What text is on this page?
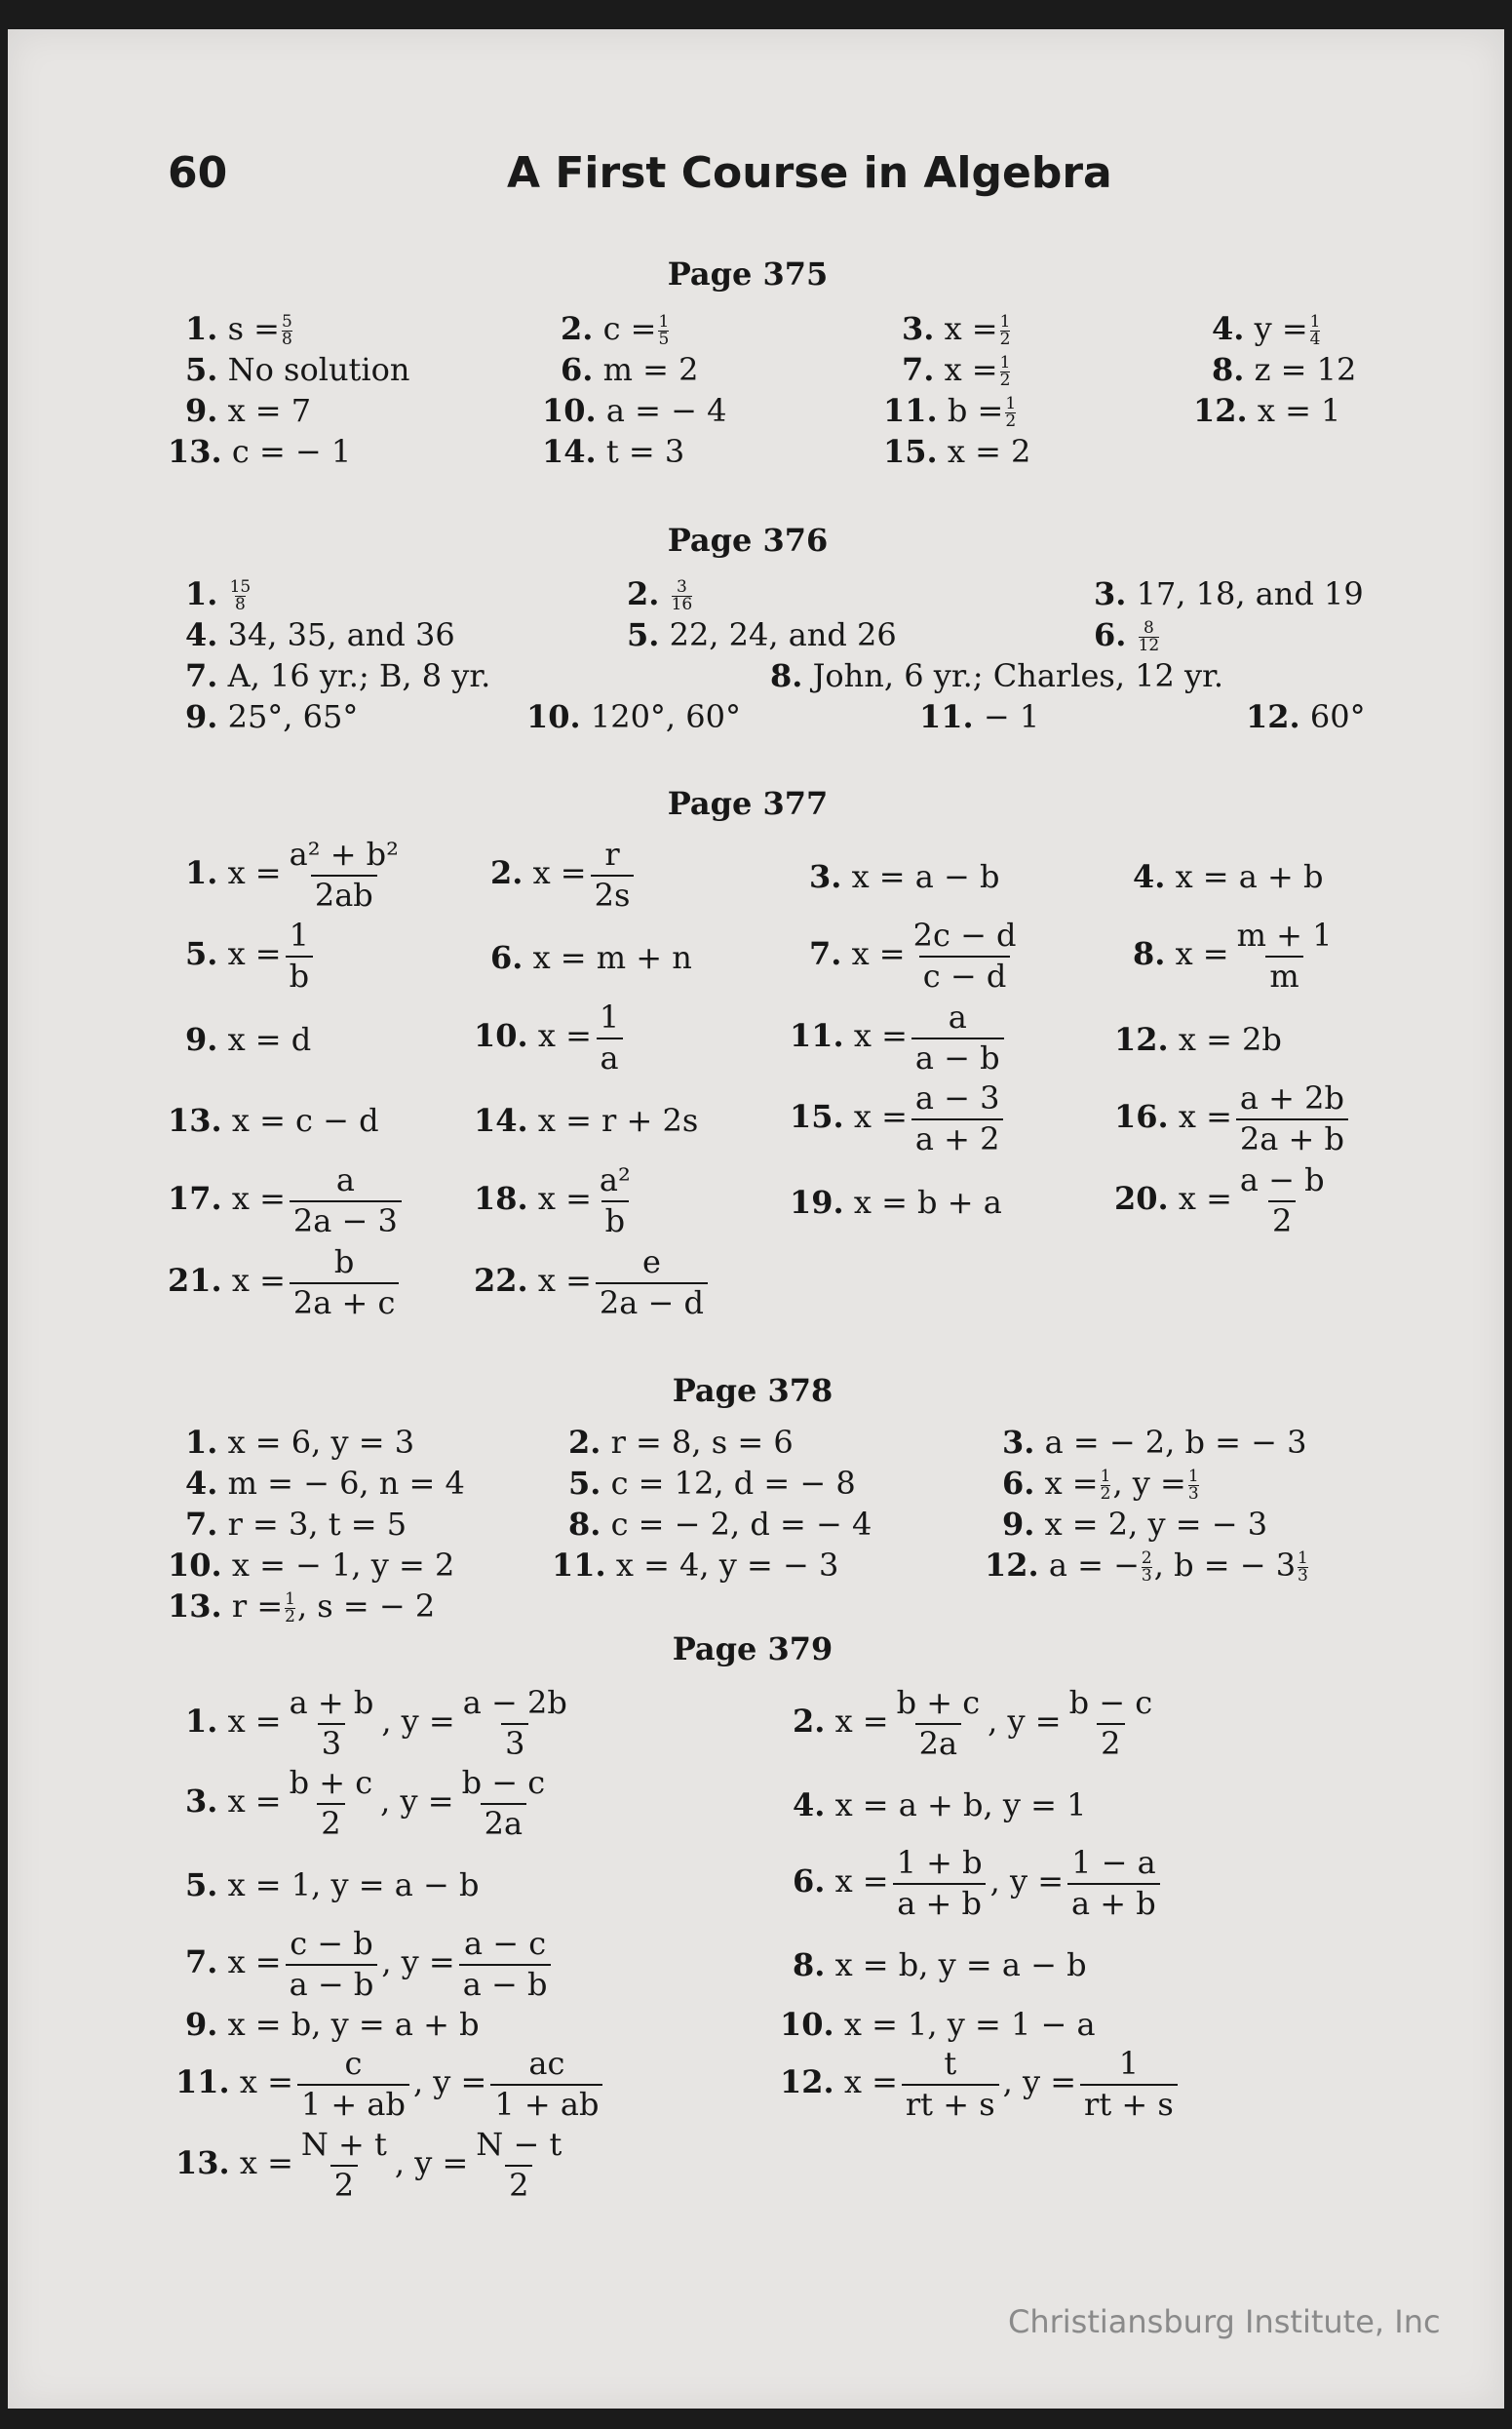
60	A First Course in Algebra
Page 375
1. $s = \frac{5}{8}$	2. $c = \frac{1}{5}$	3. $x = \frac{1}{2}$	4. $y = \frac{1}{4}$
5. No solution	6. m = 2	7. $x = \frac{1}{2}$	8. z = 12
9. x = 7	10. a = − 4	11. $b = \frac{1}{2}$	12. x = 1
13. c = − 1	14. t = 3	15. x = 2
Page 376
1. $\frac{15}{8}$	2. $\frac{3}{16}$	3. 17, 18, and 19
4. 34, 35, and 36	5. 22, 24, and 26	6. $\frac{8}{12}$
7. A, 16 yr.; B, 8 yr.	8. John, 6 yr.; Charles, 12 yr.
9. 25°, 65°	10. 120°, 60°	11. − 1	12. 60°
Page 377
1. $x = \frac{\text{a² + b²}}{2ab}$	2. $x = \frac{r}{2s}$	3. x = a − b	4. x = a + b
5. $x = \frac{1}{b}$	6. x = m + n	7. $x = \frac{2c - d}{c - d}$	8. $x = \frac{m + 1}{m}$
9. x = d	10. $x = \frac{1}{a}$	11. $x = \frac{a}{a - b}$	12. x = 2b
13. x = c − d	14. x = r + 2s	15. $x = \frac{a - 3}{a + 2}$	16. $x = \frac{a + 2b}{2a + b}$
17. $x = \frac{a}{2a - 3} 18$. $x = \frac{\text{a²}}{b}$	19. x = b + a	20. $x = \frac{a - b}{2}$
21. $x = \frac{b}{2a + c} 22$. $x = \frac{e}{2a - d}$
Page 378
1. x = 6, y = 3	2. r = 8, s = 6	3. a = − 2, b = − 3
4. m = − 6, n = 4	5. c = 12, d = − 8	6. $x = \frac{1}{2}$ , $y = \frac{1}{3}$
7. r = 3, t = 5	8. c = − 2, d = − 4	9. x = 2, y = − 3
10. x = − 1, y = 2	11. x = 4, y = − 3	12. a = − $\frac{2}{3}$ , b = − $3 \frac{1}{3}$
13. $r = \frac{1}{2}$ , s = − 2
Page 379
1. $x = \frac{a + b}{3}$ , $y = \frac{a - 2b}{3}$	2. $x = \frac{b + c}{2a}$ , $y = \frac{b - c}{2}$
3. $x = \frac{b + c}{2}$ , $y = \frac{b - c}{2a}$	4. x = a + b, y = 1
5. x = 1, y = a − b	6. $x = \frac{1 + b}{a + b}$ , $y = \frac{1 - a}{a + b}$
7. $x = \frac{c - b}{a - b}$ , $y = \frac{a - c}{a - b}$	8. x = b, y = a − b
9. x = b, y = a + b	10. x = 1, y = 1 − a
11. $x = \frac{c}{1 + ab}$ , $y = \frac{ac}{1 + ab}$	12. $x = \frac{t}{rt + s}$ , $y = \frac{1}{rt + s}$
13. $x = \frac{N + t}{2}$ , $y = \frac{N - t}{2}$
Christiansburg Institute, Inc
